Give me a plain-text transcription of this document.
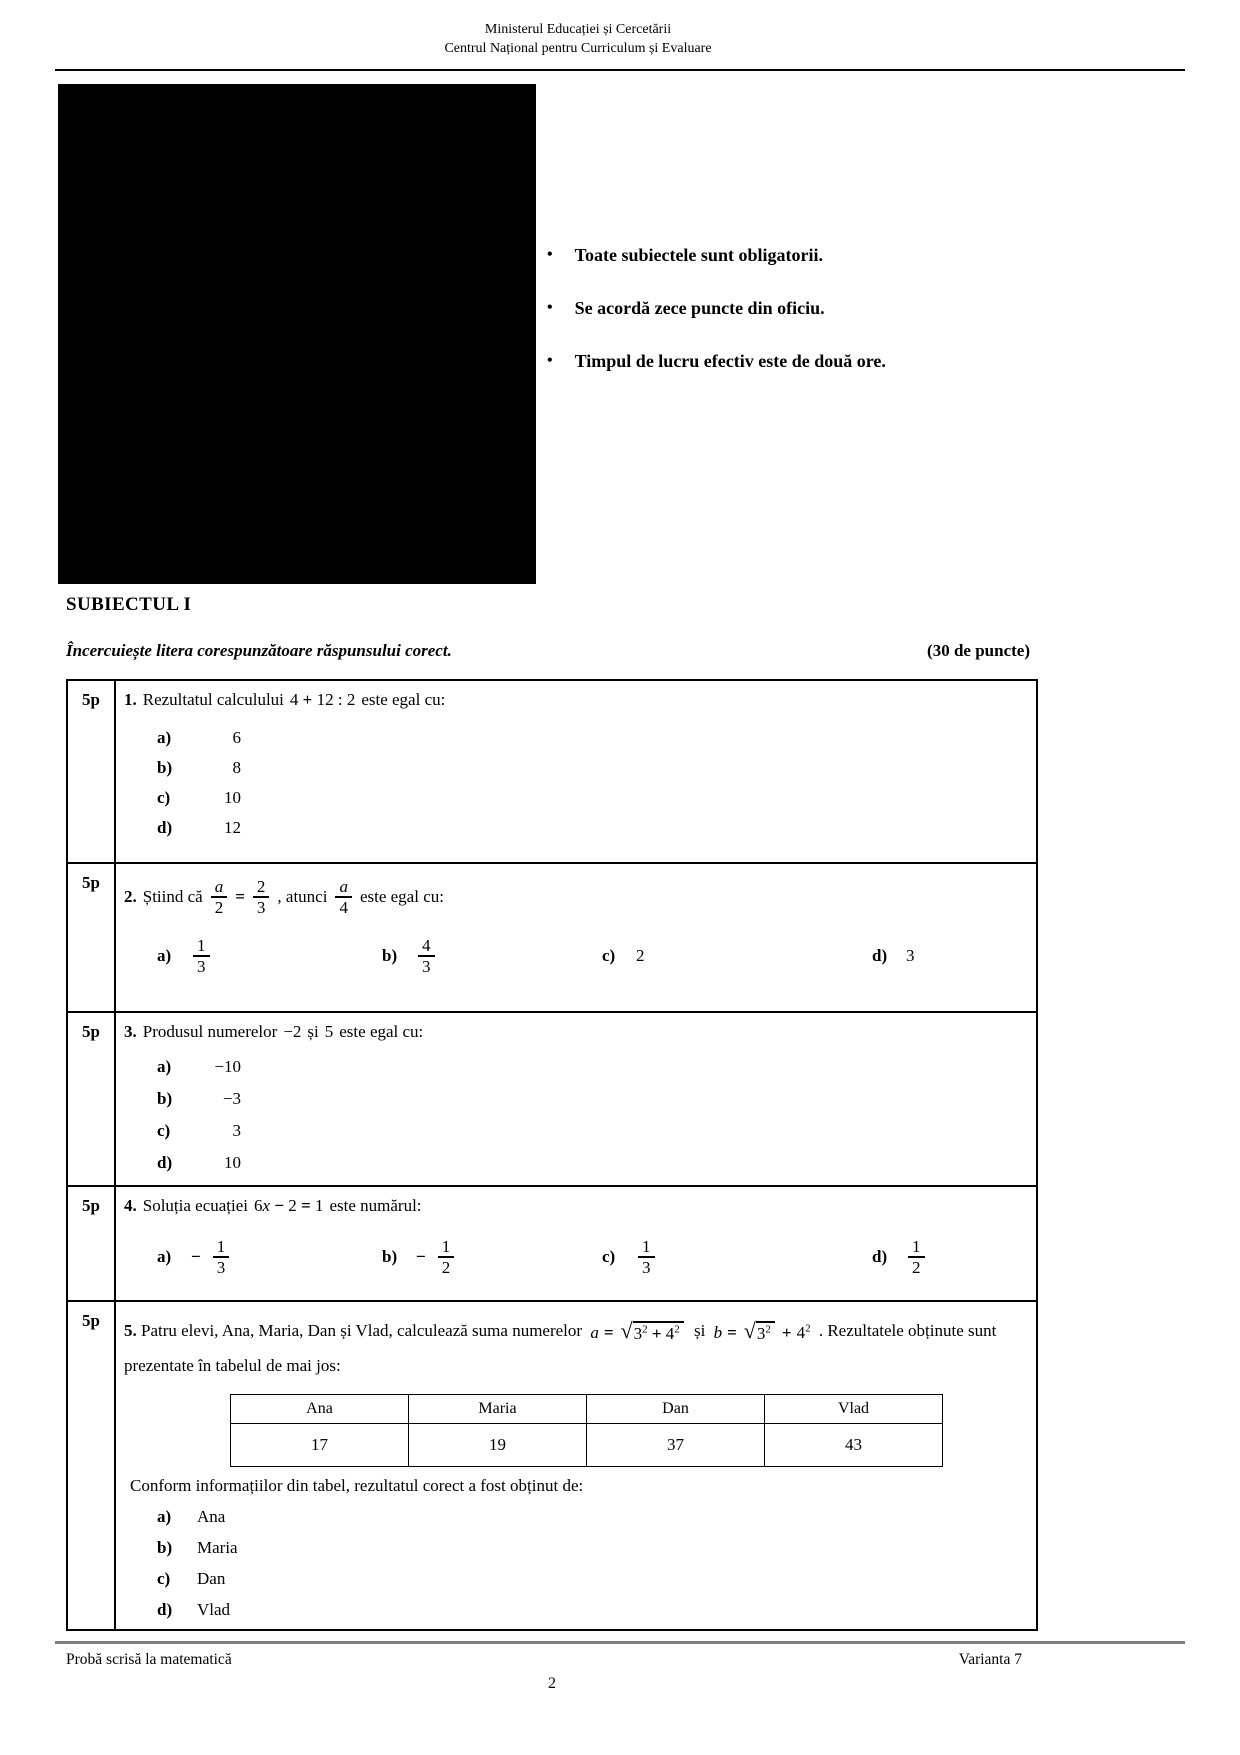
Ministerul Educației și Cercetării
Centrul Național pentru Curriculum și Evaluare
• Toate subiectele sunt obligatorii.
• Se acordă zece puncte din oficiu.
• Timpul de lucru efectiv este de două ore.
SUBIECTUL I
Încercuiește litera corespunzătoare răspunsului corect.	(30 de puncte)
5p	1. Rezultatul calculului 4 + 12 : 2 este egal cu:
a)	6
b)	8
c)	10
d)	12
5p
2. Știind că $\frac{a}{2} = \frac{2}{3}$ , atunci $\frac{a}{4}$ este egal cu:
a)	$\frac{1}{3}$	b)	$\frac{4}{3}$	c)	2	d)	3
5p	3. Produsul numerelor −2 și 5 este egal cu:
a)	−10
b)	−3
c)	3
d)	10
5p	4. Soluția ecuației 6x − 2 = 1 este numărul:
a)	− $\frac{1}{3}$	b)	− $\frac{1}{2}$	c)	$\frac{1}{3}$	d)	$\frac{1}{2}$
5p
5. Patru elevi, Ana, Maria, Dan și Vlad, calculează suma numerelor a = √ $3^2 + 4^2$ și b = √ $3^2 + 4^2$ . Rezultatele obținute sunt prezentate în tabelul de mai jos:
Ana	Maria	Dan	Vlad
17	19	37	43
Conform informațiilor din tabel, rezultatul corect a fost obținut de:
a)	Ana
b)	Maria
c)	Dan
d)	Vlad
Probă scrisă la matematică	Varianta 7
2
